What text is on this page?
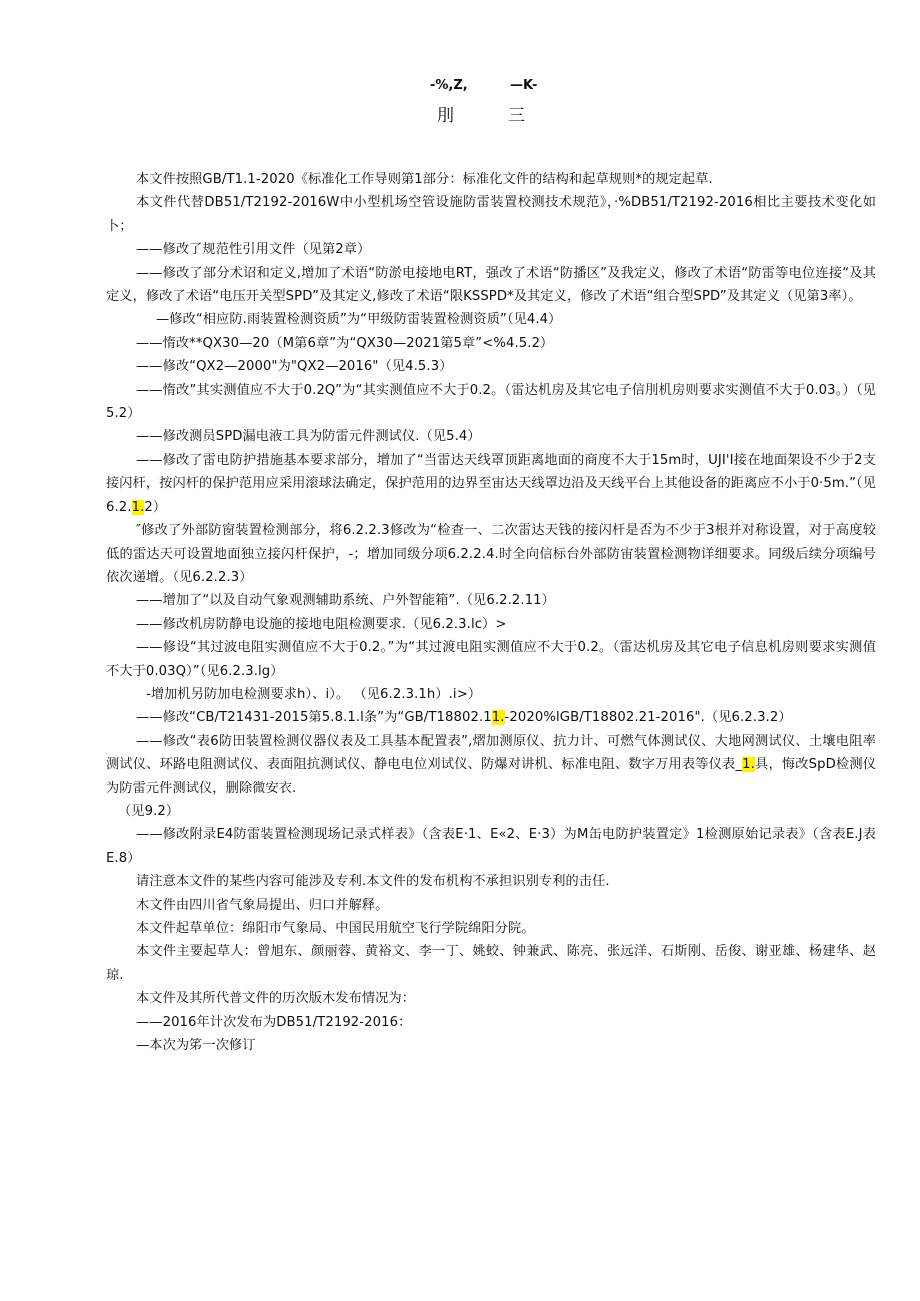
-%,Z,	—K-
刖	三

本文件按照GB/T1.1-2020《标准化工作导则第1部分：标准化文件的结构和起草规则*的规定起草.

本文件代替DB51/T2192-2016W中小型机场空管设施防雷装置校测技术规范》，·%DB51/T2192-2016相比主要技术变化如卜；

——修改了规范性引用文件（见第2章）

——修改了部分术诏和定义,增加了术语“防淤电接地电RT，强改了术语“防播区”及我定义，修改了术语“防雷等电位连接“及其定义，修改了术语“电压开关型SPD”及其定义,修改了术语“限KSSPD*及其定义，修改了术语“组合型SPD”及其定义（见第3率）。

—修改“相应防.雨装置检测资质”为“甲级防雷装置检测资质”（见4.4）

——惰改**QX30—20（M第6章”为“QX30—2021第5章”<%4.5.2）

——修改“QX2—2000"为"QX2—2016"（见4.5.3）

——惰改”其实测值应不大于0.2Q”为“其实测值应不大于0.2。（雷达机房及其它电子信刖机房则要求实测值不大于0.03。）（见5.2）

——修改测员SPD漏电液工具为防雷元件测试仪.（见5.4）

——修改了雷电防护措施基本要求部分，增加了“当雷达天线罩顶距离地面的商度不大于15m时，UJI'I接在地面架设不少于2支接闪杆，按闪杆的保护范用应采用滚球法确定，保护范用的边界至宙达天线罩边沿及天线平台上其他设备的距离应不小于0·5m.”（见6.2.1.2）

″修改了外部防窗装置检测部分，将6.2.2.3修改为“检查一、二次雷达天钱的接闪杆是否为不少于3根并对称设置，对于高度较低的雷达天可设置地面独立接闪杆保护，-；增加同级分项6.2.2.4.时全向信标台外部防宙装置检测物详细要求。同级后续分项编号依次递增。（见6.2.2.3）

——增加了“以及自动气象观测辅助系统、户外智能箱”.（见6.2.2.11）

——修改机房防静电设施的接地电阻检测要求.（见6.2.3.lc）>

——修设“其过波电阻实测值应不大于0.2。”为“其过渡电阻实测值应不大于0.2。（雷达机房及其它电子信息机房则要求实测值不大于0.03Q）”（见6.2.3.lg）

-增加机另防加电检测要求h）、i）。 （见6.2.3.1h）.i>）

——修改“CB/T21431-2015第5.8.1.l条”为“GB/T18802.11.-2020%lGB/T18802.21-2016".（见6.2.3.2）

——修改“表6防田装置检测仪器仪表及工具基本配置表”,熠加测原仪、抗力计、可燃气体测试仪、大地网测试仪、土壤电阻率测试仪、环路电阻测试仪、表面阻抗测试仪、静电电位刈试仪、防爆对讲机、标准电阻、数字万用表等仪表_1.具，悔改SpD检测仪为防雷元件测试仪，删除微安衣.

（见9.2）

——修改附录E4防雷装置检测现场记录式样表》（含表E·1、E«2、E·3）为M缶电防护装置定》1检测原始记录表》（含表E.J表E.8）

请注意本文件的某些内容可能涉及专利.本文件的发布机构不承担识别专利的击任.

木文件由四川省气象局提出、归口并解释。

本文件起草单位：绵阳市气象局、中国民用航空飞行学院绵阳分院。

本文件主要起草人：曾旭东、颜丽蓉、黄裕文、李一丁、姚蛟、钟兼武、陈亮、张远洋、石斯刚、岳俊、谢亚雄、杨建华、赵琼.

本文件及其所代普文件的历次版木发布情况为：

——2016年计次发布为DB51/T2192-2016：

—本次为笫一次修订
